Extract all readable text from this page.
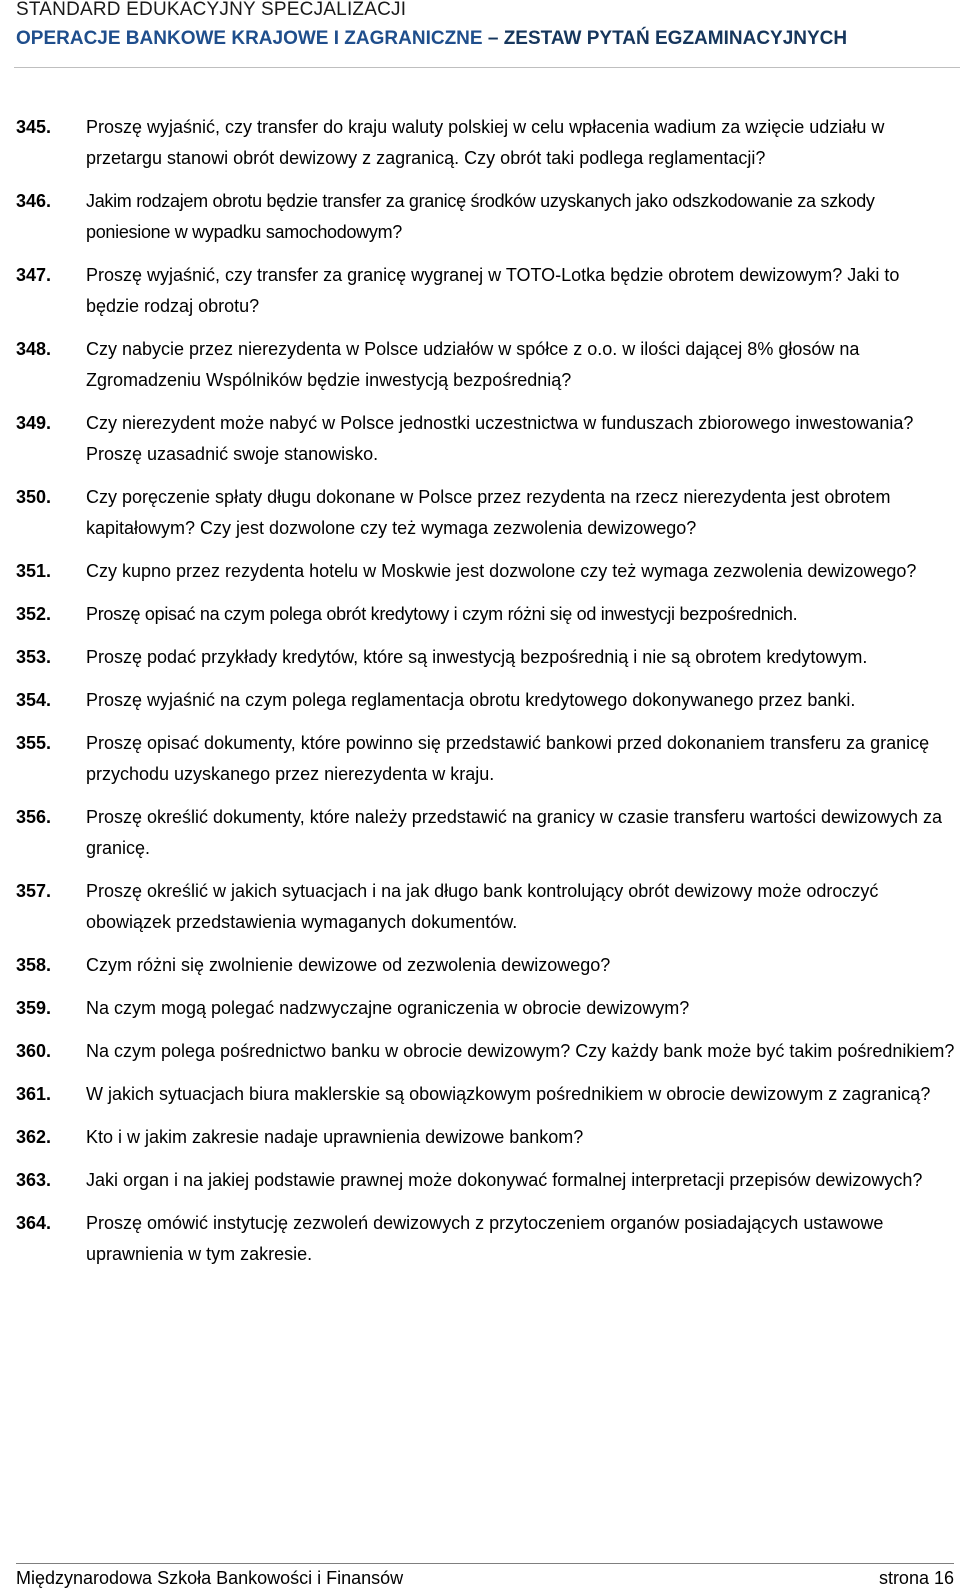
STANDARD EDUKACYJNY SPECJALIZACJI
OPERACJE BANKOWE KRAJOWE I ZAGRANICZNE – ZESTAW PYTAŃ EGZAMINACYJNYCH
345.	Proszę wyjaśnić, czy transfer do kraju waluty polskiej w celu wpłacenia wadium za wzięcie udziału w przetargu stanowi obrót dewizowy z zagranicą. Czy obrót taki podlega reglamentacji?
346.	Jakim rodzajem obrotu będzie transfer za granicę środków uzyskanych jako odszkodowanie za szkody poniesione w wypadku samochodowym?
347.	Proszę wyjaśnić, czy transfer za granicę wygranej w TOTO-Lotka będzie obrotem dewizowym? Jaki to będzie rodzaj obrotu?
348.	Czy nabycie przez nierezydenta w Polsce udziałów w spółce z o.o. w ilości dającej 8% głosów na Zgromadzeniu Wspólników będzie inwestycją bezpośrednią?
349.	Czy nierezydent może nabyć w Polsce jednostki uczestnictwa w funduszach zbiorowego inwestowania? Proszę uzasadnić swoje stanowisko.
350.	Czy poręczenie spłaty długu dokonane w Polsce przez rezydenta na rzecz nierezydenta jest obrotem kapitałowym? Czy jest dozwolone czy też wymaga zezwolenia dewizowego?
351.	Czy kupno przez rezydenta hotelu w Moskwie jest dozwolone czy też wymaga zezwolenia dewizowego?
352.	Proszę opisać na czym polega obrót kredytowy i czym różni się od inwestycji bezpośrednich.
353.	Proszę podać przykłady kredytów, które są inwestycją bezpośrednią i nie są obrotem kredytowym.
354.	Proszę wyjaśnić na czym polega reglamentacja obrotu kredytowego dokonywanego przez banki.
355.	Proszę opisać dokumenty, które powinno się przedstawić bankowi przed dokonaniem transferu za granicę przychodu uzyskanego przez nierezydenta w kraju.
356.	Proszę określić dokumenty, które należy przedstawić na granicy w czasie transferu wartości dewizowych za granicę.
357.	Proszę określić w jakich sytuacjach i na jak długo bank kontrolujący obrót dewizowy może odroczyć obowiązek przedstawienia wymaganych dokumentów.
358.	Czym różni się zwolnienie dewizowe od zezwolenia dewizowego?
359.	Na czym mogą polegać nadzwyczajne ograniczenia w obrocie dewizowym?
360.	Na czym polega pośrednictwo banku w obrocie dewizowym? Czy każdy bank może być takim pośrednikiem?
361.	W jakich sytuacjach biura maklerskie są obowiązkowym pośrednikiem w obrocie dewizowym z zagranicą?
362.	Kto i w jakim zakresie nadaje uprawnienia dewizowe bankom?
363.	Jaki organ i na jakiej podstawie prawnej może dokonywać formalnej interpretacji przepisów dewizowych?
364.	Proszę omówić instytucję zezwoleń dewizowych z przytoczeniem organów posiadających ustawowe uprawnienia w tym zakresie.
Międzynarodowa Szkoła Bankowości i Finansów	strona 16
